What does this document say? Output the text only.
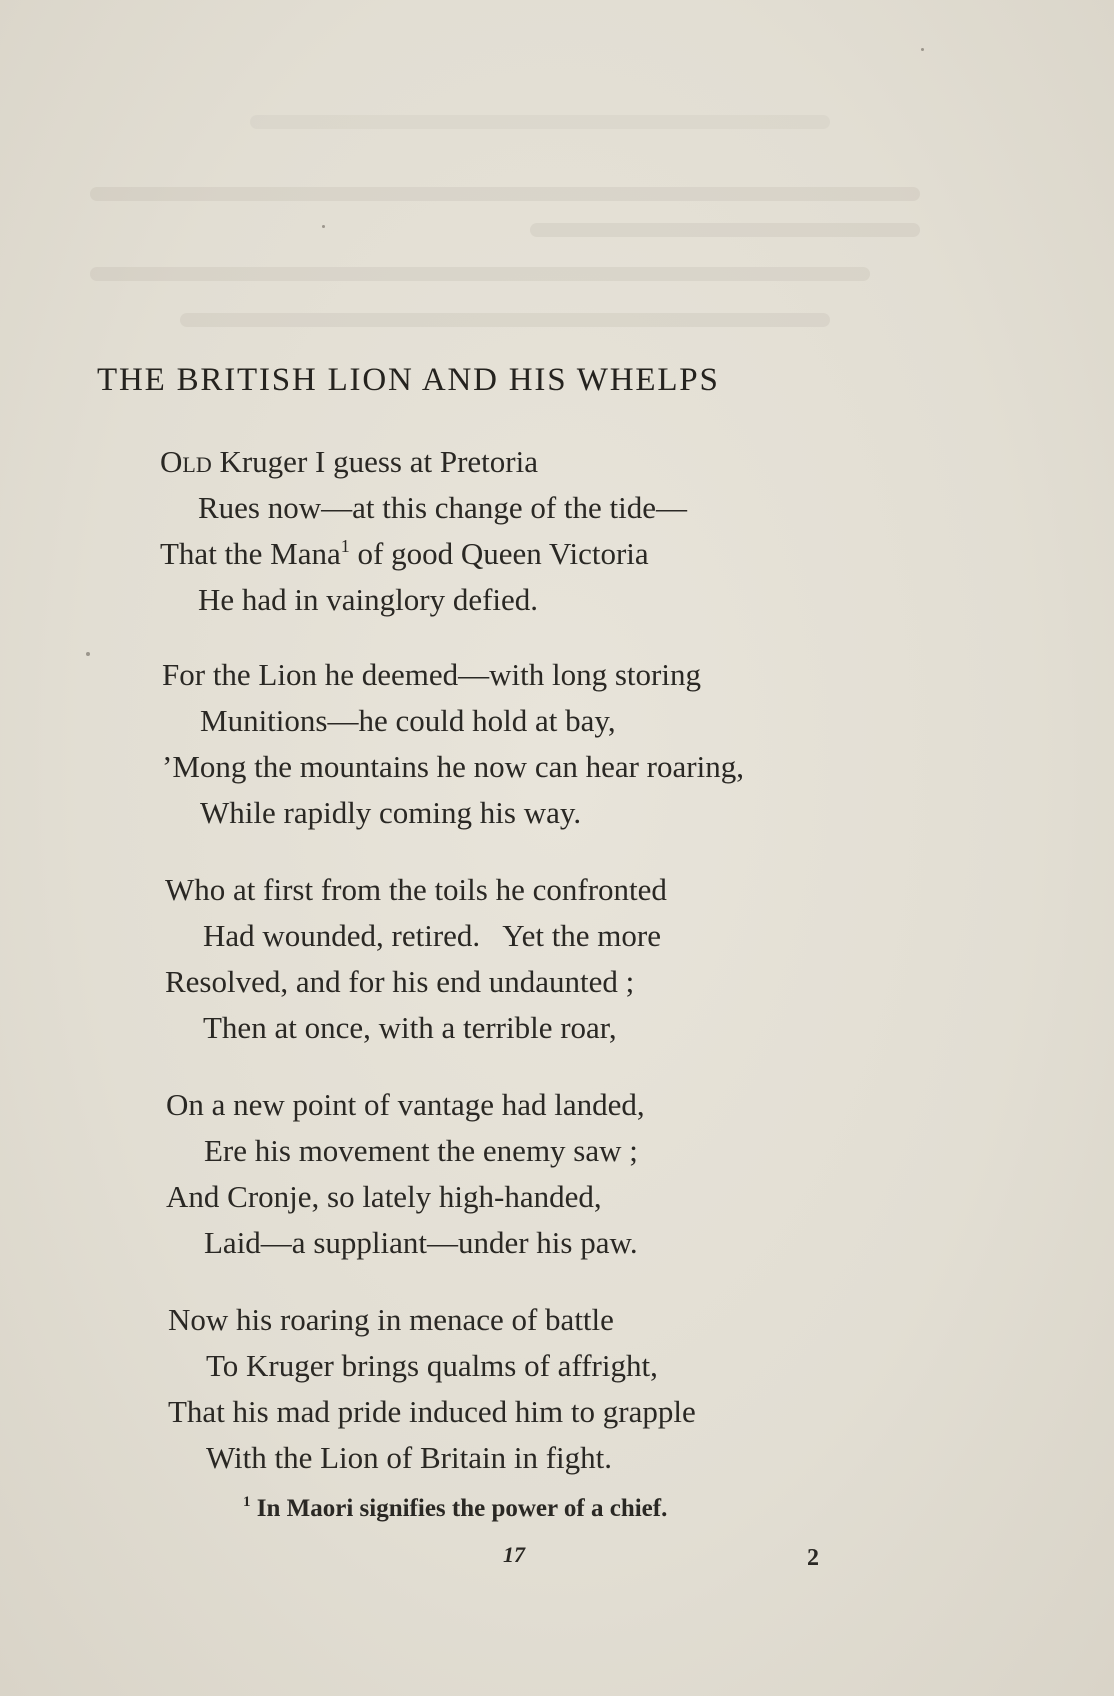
THE BRITISH LION AND HIS WHELPS
Old Kruger I guess at Pretoria
Rues now—at this change of the tide—
That the Mana$^1$ of good Queen Victoria
He had in vainglory defied.
For the Lion he deemed—with long storing
Munitions—he could hold at bay,
’Mong the mountains he now can hear roaring,
While rapidly coming his way.
Who at first from the toils he confronted
Had wounded, retired.   Yet the more
Resolved, and for his end undaunted ;
Then at once, with a terrible roar,
On a new point of vantage had landed,
Ere his movement the enemy saw ;
And Cronje, so lately high-handed,
Laid—a suppliant—under his paw.
Now his roaring in menace of battle
To Kruger brings qualms of affright,
That his mad pride induced him to grapple
With the Lion of Britain in fight.
$^1$ In Maori signifies the power of a chief.
17	2
